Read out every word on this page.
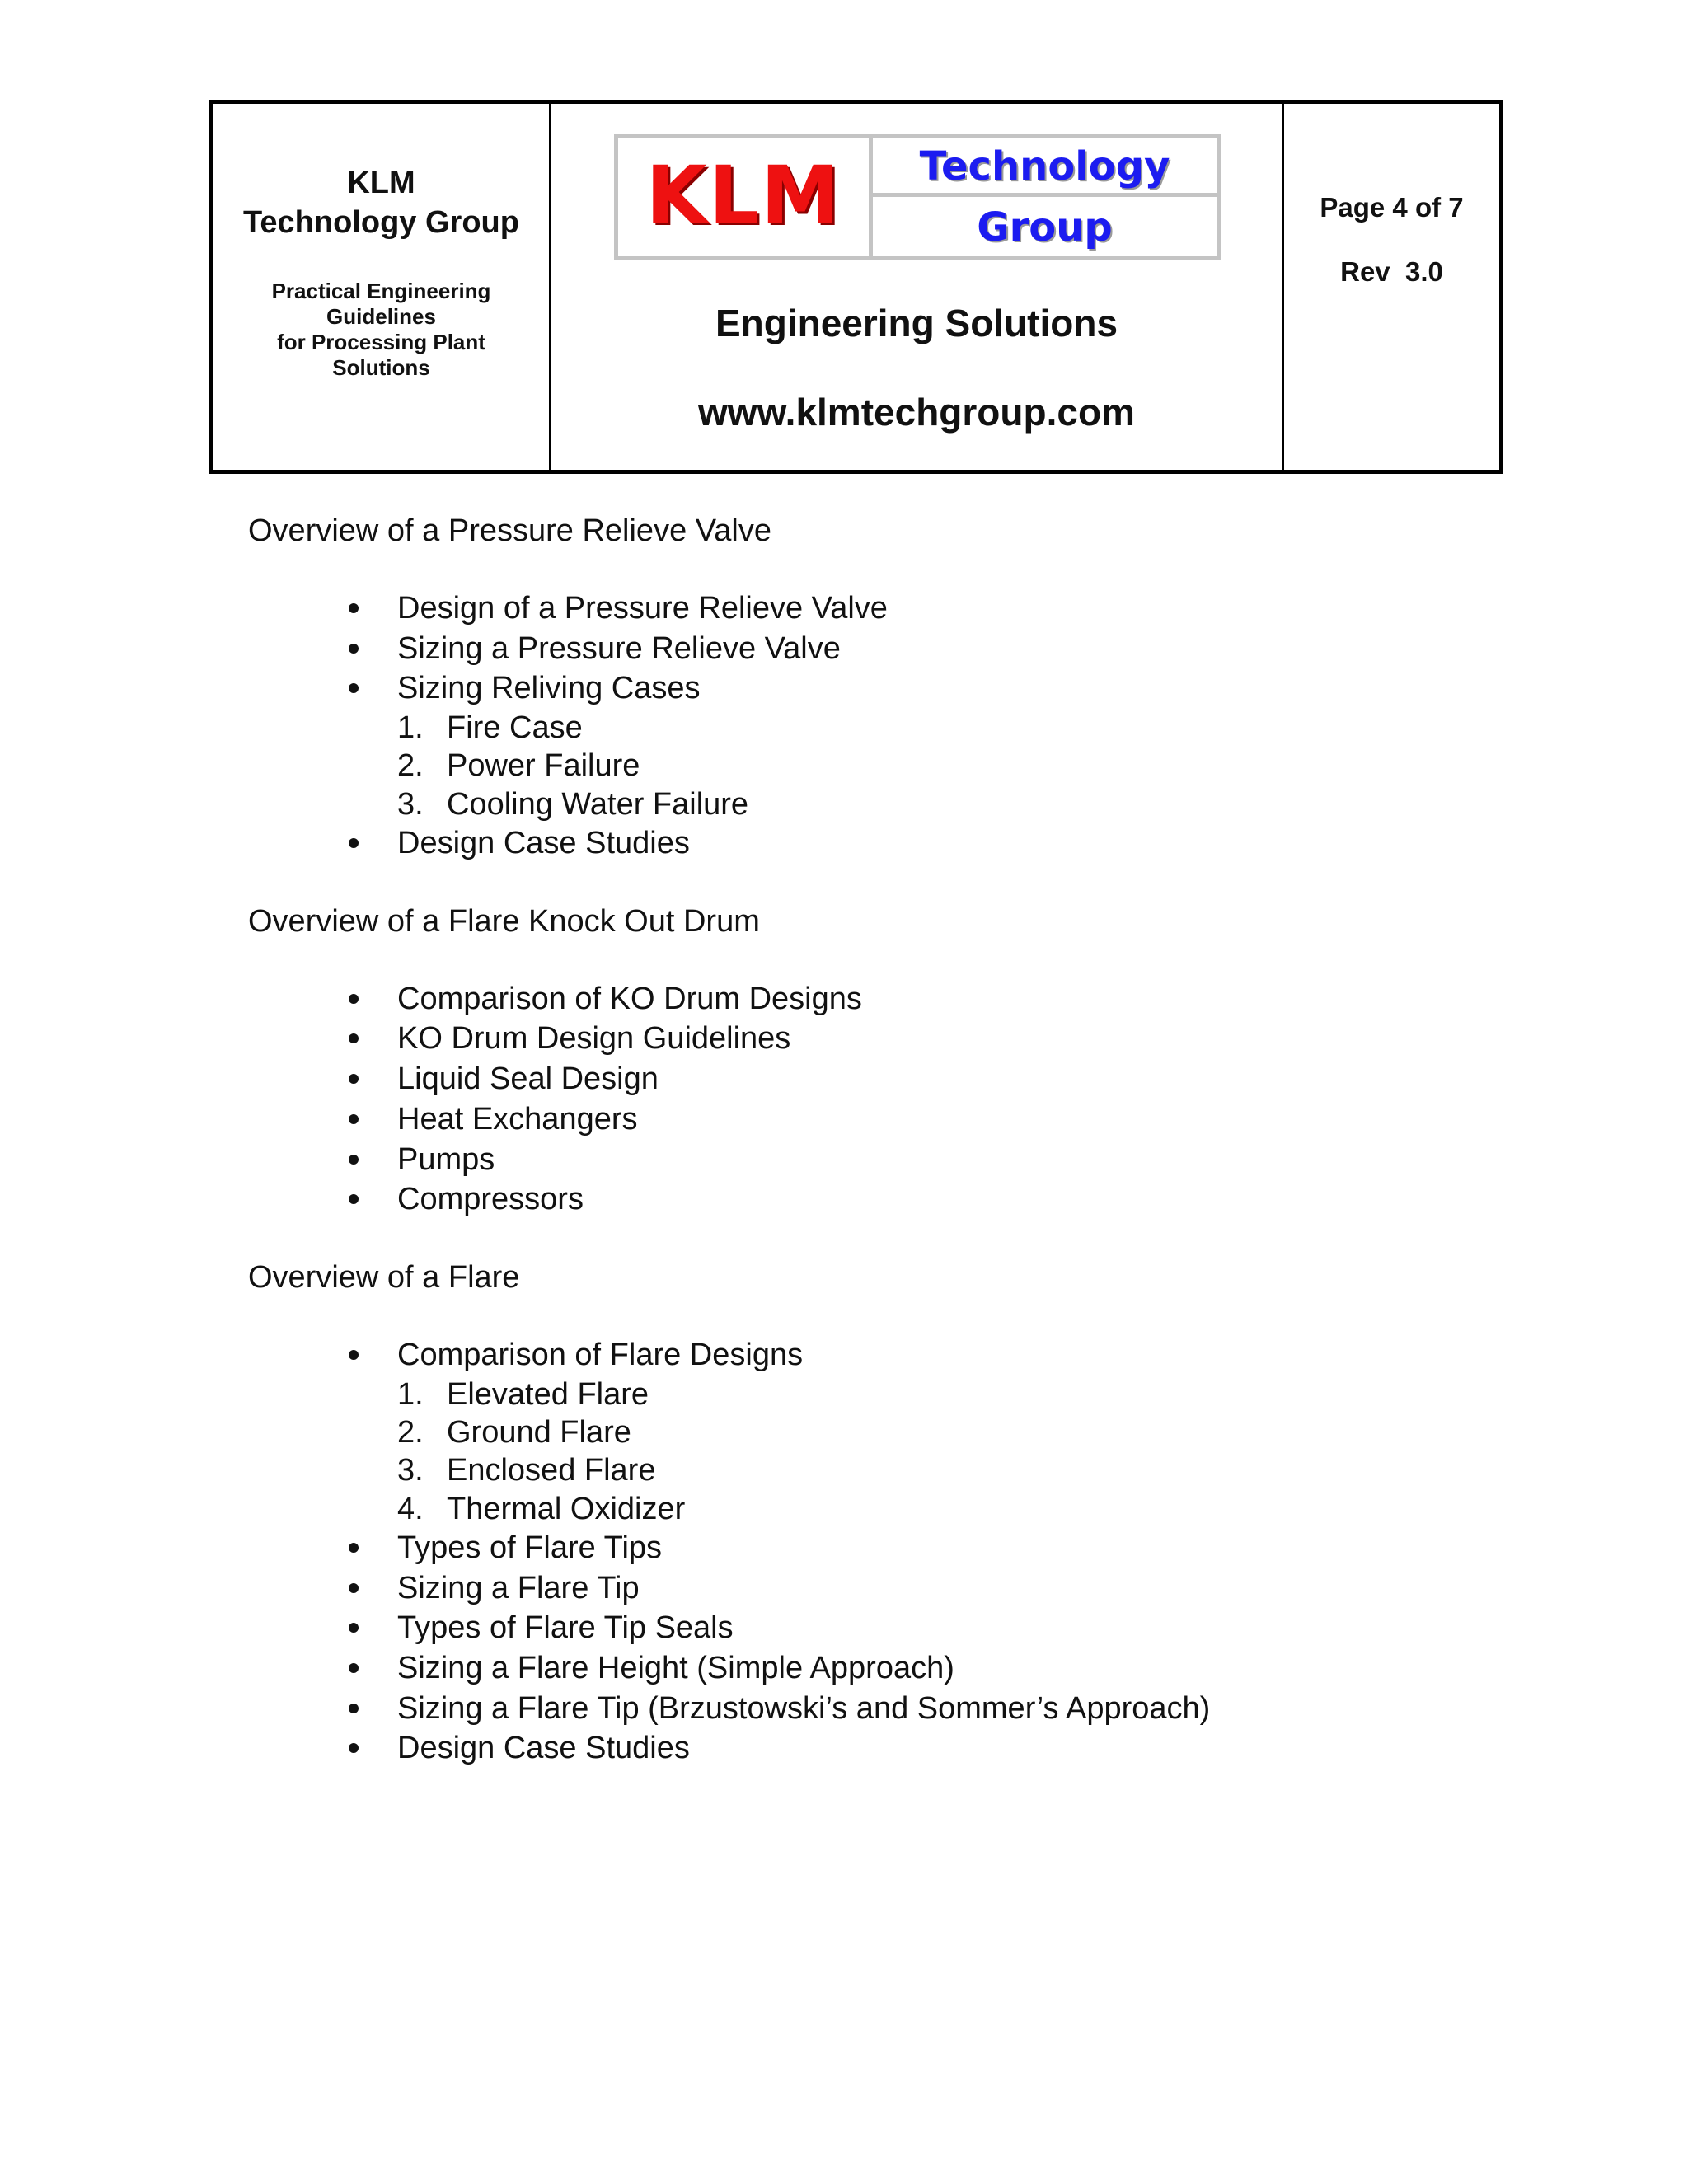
KLM
Technology Group
Practical Engineering
Guidelines
for Processing Plant
Solutions
KLM	Technology
Group
Engineering Solutions
www.klmtechgroup.com
Page 4 of 7
Rev  3.0
Overview of a Pressure Relieve Valve
Design of a Pressure Relieve Valve
Sizing a Pressure Relieve Valve
Sizing Reliving Cases
1. Fire Case
2. Power Failure
3. Cooling Water Failure
Design Case Studies
Overview of a Flare Knock Out Drum
Comparison of KO Drum Designs
KO Drum Design Guidelines
Liquid Seal Design
Heat Exchangers
Pumps
Compressors
Overview of a Flare
Comparison of Flare Designs
1. Elevated Flare
2. Ground Flare
3. Enclosed Flare
4. Thermal Oxidizer
Types of Flare Tips
Sizing a Flare Tip
Types of Flare Tip Seals
Sizing a Flare Height (Simple Approach)
Sizing a Flare Tip (Brzustowski’s and Sommer’s Approach)
Design Case Studies
